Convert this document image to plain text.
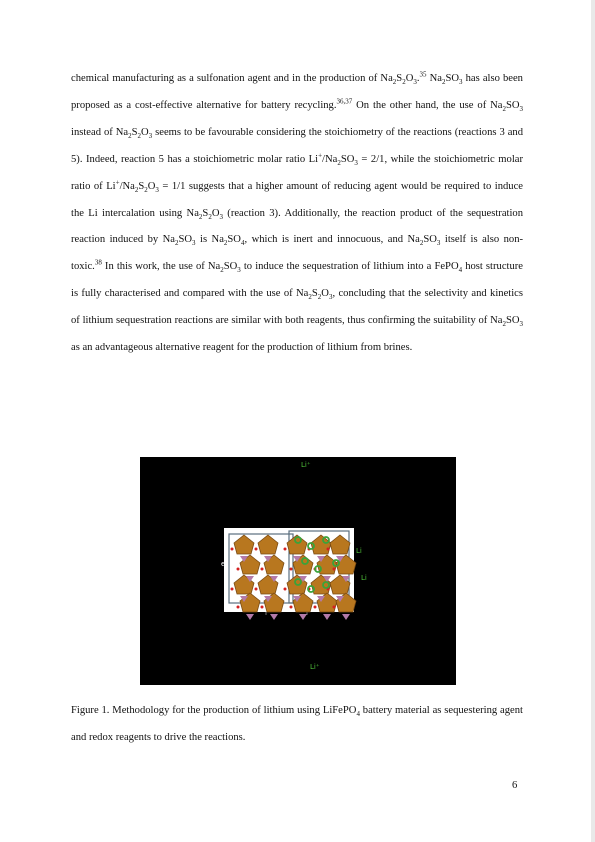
chemical manufacturing as a sulfonation agent and in the production of $Na_2S_2O_3.^{35}$ $Na_2SO_3$ has also been proposed as a cost-effective alternative for battery recycling.$^{36,37}$ On the other hand, the use of $Na_2SO_3$ instead of $Na_2S_2O_3$ seems to be favourable considering the stoichiometry of the reactions (reactions 3 and 5). Indeed, reaction 5 has a stoichiometric molar ratio $Li^+/Na_2SO_3 = 2/1$, while the stoichiometric molar ratio of $Li^+/Na_2S_2O_3 = 1/1$ suggests that a higher amount of reducing agent would be required to induce the Li intercalation using $Na_2S_2O_3$ (reaction 3). Additionally, the reaction product of the sequestration reaction induced by $Na_2SO_3$ is $Na_2SO_4$, which is inert and innocuous, and $Na_2SO_3$ itself is also non-toxic.$^{38}$ In this work, the use of $Na_2SO_3$ to induce the sequestration of lithium into a FePO$_4$ host structure is fully characterised and compared with the use of $Na_2S_2O_3$, concluding that the selectivity and kinetics of lithium sequestration reactions are similar with both reagents, thus confirming the suitability of $Na_2SO_3$ as an advantageous alternative reagent for the production of lithium from brines.

Li⁺
Li⁺
Li
Li
e

Figure 1. Methodology for the production of lithium using LiFePO$_4$ battery material as sequestering agent and redox reagents to drive the reactions.

6
